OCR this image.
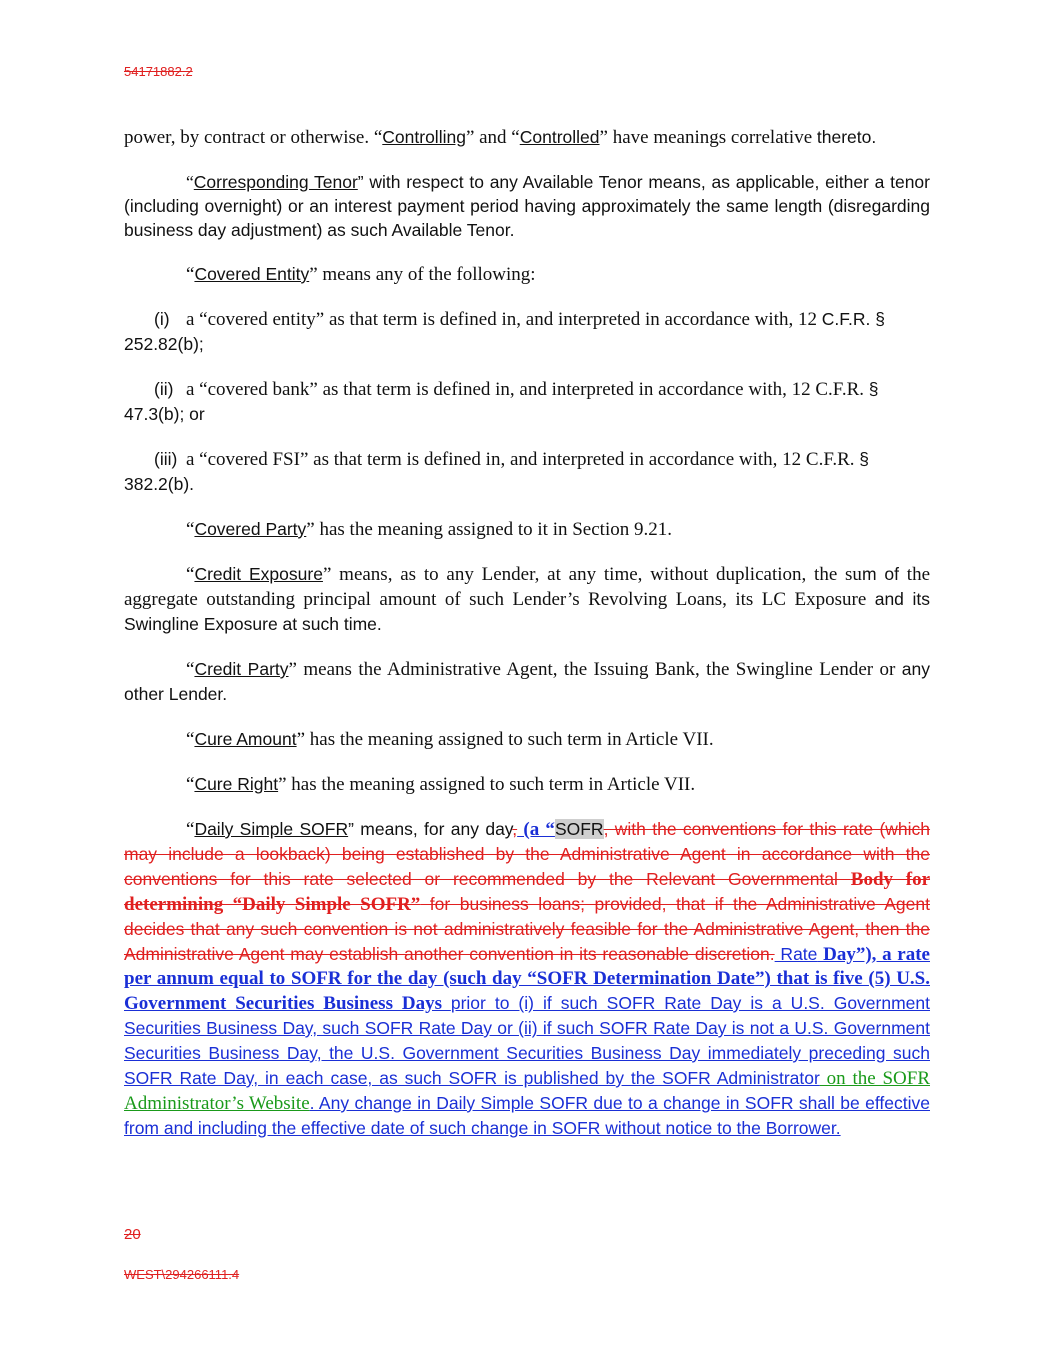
54171882.2

power, by contract or otherwise. “Controlling” and “Controlled” have meanings correlative thereto.

“Corresponding Tenor” with respect to any Available Tenor means, as applicable, either a tenor (including overnight) or an interest payment period having approximately the same length (disregarding business day adjustment) as such Available Tenor.

“Covered Entity” means any of the following:

(i) a “covered entity” as that term is defined in, and interpreted in accordance with, 12 C.F.R. § 252.82(b);

(ii) a “covered bank” as that term is defined in, and interpreted in accordance with, 12 C.F.R. § 47.3(b); or

(iii) a “covered FSI” as that term is defined in, and interpreted in accordance with, 12 C.F.R. § 382.2(b).

“Covered Party” has the meaning assigned to it in Section 9.21.

“Credit Exposure” means, as to any Lender, at any time, without duplication, the sum of the aggregate outstanding principal amount of such Lender’s Revolving Loans, its LC Exposure and its Swingline Exposure at such time.

“Credit Party” means the Administrative Agent, the Issuing Bank, the Swingline Lender or any other Lender.

“Cure Amount” has the meaning assigned to such term in Article VII.

“Cure Right” has the meaning assigned to such term in Article VII.

“Daily Simple SOFR” means, for any day, (a “SOFR, with the conventions for this rate (which may include a lookback) being established by the Administrative Agent in accordance with the conventions for this rate selected or recommended by the Relevant Governmental Body for determining “Daily Simple SOFR” for business loans; provided, that if the Administrative Agent decides that any such convention is not administratively feasible for the Administrative Agent, then the Administrative Agent may establish another convention in its reasonable discretion. Rate Day”), a rate per annum equal to SOFR for the day (such day “SOFR Determination Date”) that is five (5) U.S. Government Securities Business Days prior to (i) if such SOFR Rate Day is a U.S. Government Securities Business Day, such SOFR Rate Day or (ii) if such SOFR Rate Day is not a U.S. Government Securities Business Day, the U.S. Government Securities Business Day immediately preceding such SOFR Rate Day, in each case, as such SOFR is published by the SOFR Administrator on the SOFR Administrator’s Website. Any change in Daily Simple SOFR due to a change in SOFR shall be effective from and including the effective date of such change in SOFR without notice to the Borrower.

20
WEST\294266111.4
